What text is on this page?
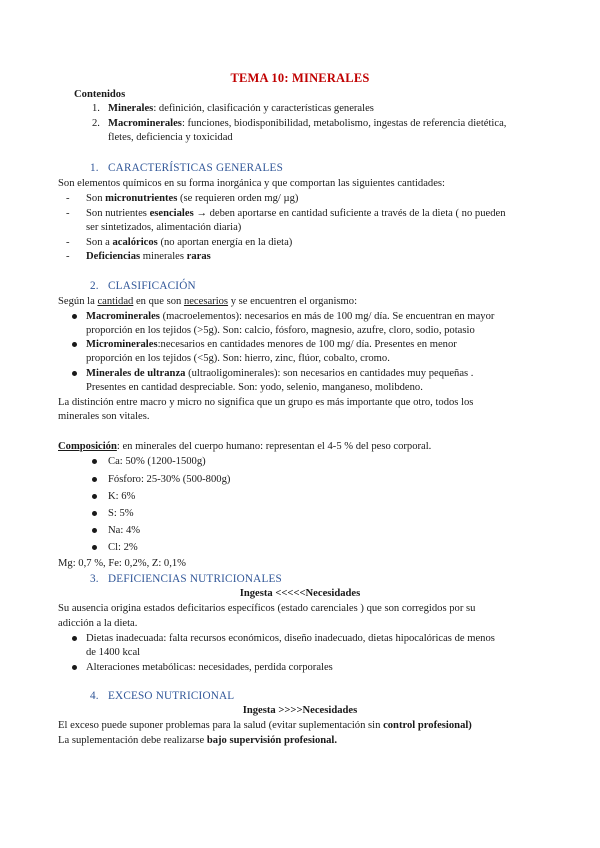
TEMA 10: MINERALES
Contenidos
1. Minerales: definición, clasificación y características generales
2. Macrominerales: funciones, biodisponibilidad, metabolismo, ingestas de referencia dietética,
fletes, deficiencia y toxicidad
1. CARACTERÍSTICAS GENERALES
Son elementos químicos en su forma inorgánica y que comportan las siguientes cantidades:
- Son micronutrientes (se requieren orden mg/ µg)
- Son nutrientes esenciales → deben aportarse en cantidad suficiente a través de la dieta ( no pueden
ser sintetizados, alimentación diaria)
- Son a acalóricos (no aportan energía en la dieta)
- Deficiencias minerales raras
2. CLASIFICACIÓN
Según la cantidad en que son necesarios y se encuentren el organismo:
Macrominerales (macroelementos): necesarios en más de 100 mg/ día. Se encuentran en mayor
proporción en los tejidos (>5g). Son: calcio, fósforo, magnesio, azufre, cloro, sodio, potasio
Microminerales:necesarios en cantidades menores de 100 mg/ día. Presentes en menor
proporción en los tejidos (<5g). Son: hierro, zinc, flúor, cobalto, cromo.
Minerales de ultranza (ultraoligominerales): son necesarios en cantidades muy pequeñas .
Presentes en cantidad despreciable. Son: yodo, selenio, manganeso, molibdeno.
La distinción entre macro y micro no significa que un grupo es más importante que otro, todos los
minerales son vitales.
Composición: en minerales del cuerpo humano: representan el 4-5 % del peso corporal.
Ca: 50% (1200-1500g)
Fósforo: 25-30% (500-800g)
K: 6%
S: 5%
Na: 4%
Cl: 2%
Mg: 0,7 %, Fe: 0,2%, Z: 0,1%
3. DEFICIENCIAS NUTRICIONALES
Ingesta <<<<<Necesidades
Su ausencia origina estados deficitarios específicos (estado carenciales ) que son corregidos por su
adicción a la dieta.
Dietas inadecuada: falta recursos económicos, diseño inadecuado, dietas hipocalóricas de menos
de 1400 kcal
Alteraciones metabólicas: necesidades, perdida corporales
4. EXCESO NUTRICIONAL
Ingesta >>>>Necesidades
El exceso puede suponer problemas para la salud (evitar suplementación sin control profesional)
La suplementación debe realizarse bajo supervisión profesional.
